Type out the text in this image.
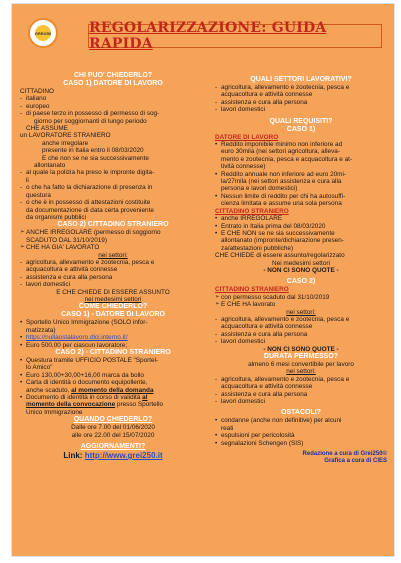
GREI250	REGOLARIZZAZIONE: GUIDA RAPIDA
CHI PUO' CHIEDERLO?
CASO 1) DATORE DI LAVORO
CITTADINO
- italiano
- europeo
- di paese terzo in possesso di permesso di sog-
giorno per soggiornanti di lungo periodo
CHE ASSUME
un LAVORATORE STRANIERO
anche irregolare
presente in Italia entro il 08/03/2020
E che non se ne sia successivamente
allontanato
- al quale la polizia ha preso le impronte digita-
li
- o che ha fatto la dichiarazione di presenza in
questura
- o che è in possesso di attestazioni costituite
da documentazione di data certa proveniente
da organismi pubblici
CASO 2) CITTADINO STRANIERO
➢ ANCHE IRREGOLARE (permesso di soggiorno
SCADUTO DAL 31/10/2019)
➢ CHE HA GIA' LAVORATO
nei settori:
- agricoltura, allevamento e zootecnia, pesca e
acquacoltura e attività connesse
- assistenza e cura alla persona
- lavori domestici
E CHE CHIEDE DI ESSERE ASSUNTO
nei medesimi settori
COME CHIEDERLO?
CASO 1) - DATORE DI LAVORO
• Sportello Unico Immigrazione (SOLO infor-
matizzata)
• https://nullaostalavoro.dlci.interno.it/
• Euro 500,00 per ciascun lavoratore;
CASO 2) - CITTADINO STRANIERO
• Questura tramite UFFICIO POSTALE "Sportel-
lo Amico"
• Euro 130,00+30,00+16,00 marca da bollo
• Carta di identità o documento equipollente,
anche scaduto, al momento della domanda
• Documento di identità in corso di validità al
momento della convocazione presso Sportello
Unico Immigrazione
QUANDO CHIEDERLO?
Dalle ore 7.00 del 01/06/2020
alle ore 22.00 del 15/07/2020
AGGIORNAMENTI?
Link: http://www.grei250.it
QUALI SETTORI LAVORATIVI?
- agricoltura, allevamento e zootecnia, pesca e
acquacoltura e attività connesse
- assistenza e cura alla persona
- lavori domestici
QUALI REQUISITI?
CASO 1)
DATORE DI LAVORO
• Reddito imponibile minimo non inferiore ad
euro 30mila (nei settori agricoltura, alleva-
mento e zootecnia, pesca e acquacoltura e at-
tività connesse)
• Reddito annuale non inferiore ad euro 20mi-
la/27mila (nei settori assistenza e cura alla
persona e lavori domestici)
• Nessun limite di reddito per chi ha autosuffi-
cienza limitata e assume una sola persona
CITTADINO STRANIERO
• anche IRREGOLARE
• Entrato in Italia prima del 08/03/2020
• E CHE NON se ne sia successivamente
allontanato (impronte/dichiarazione presen-
za/attestazioni pubbliche)
CHE CHIEDE di essere assunto/regolarizzato
Nei medesimi settori
- NON CI SONO QUOTE -
CASO 2)
CITTADINO STRANIERO
➢ con permesso scaduto dal 31/10/2019
➢ E CHE HA lavorato
nei settori:
- agricoltura, allevamento e zootecnia, pesca e
acquacoltura e attività connesse
- assistenza e cura alla persona
- lavori domestici
- NON CI SONO QUOTE -
DURATA PERMESSO?
almeno 6 mesi convertibile per lavoro
nei settori:
- agricoltura, allevamento e zootecnia, pesca e
acquacoltura e attività connesse
- assistenza e cura alla persona
- lavori domestici
OSTACOLI?
• condanne (anche non definitive) per alcuni
reati
• espulsioni per pericolosità
• segnalazioni Schengen (SIS)
Redazione a cura di Grei250©
Grafica a cura di CIES
